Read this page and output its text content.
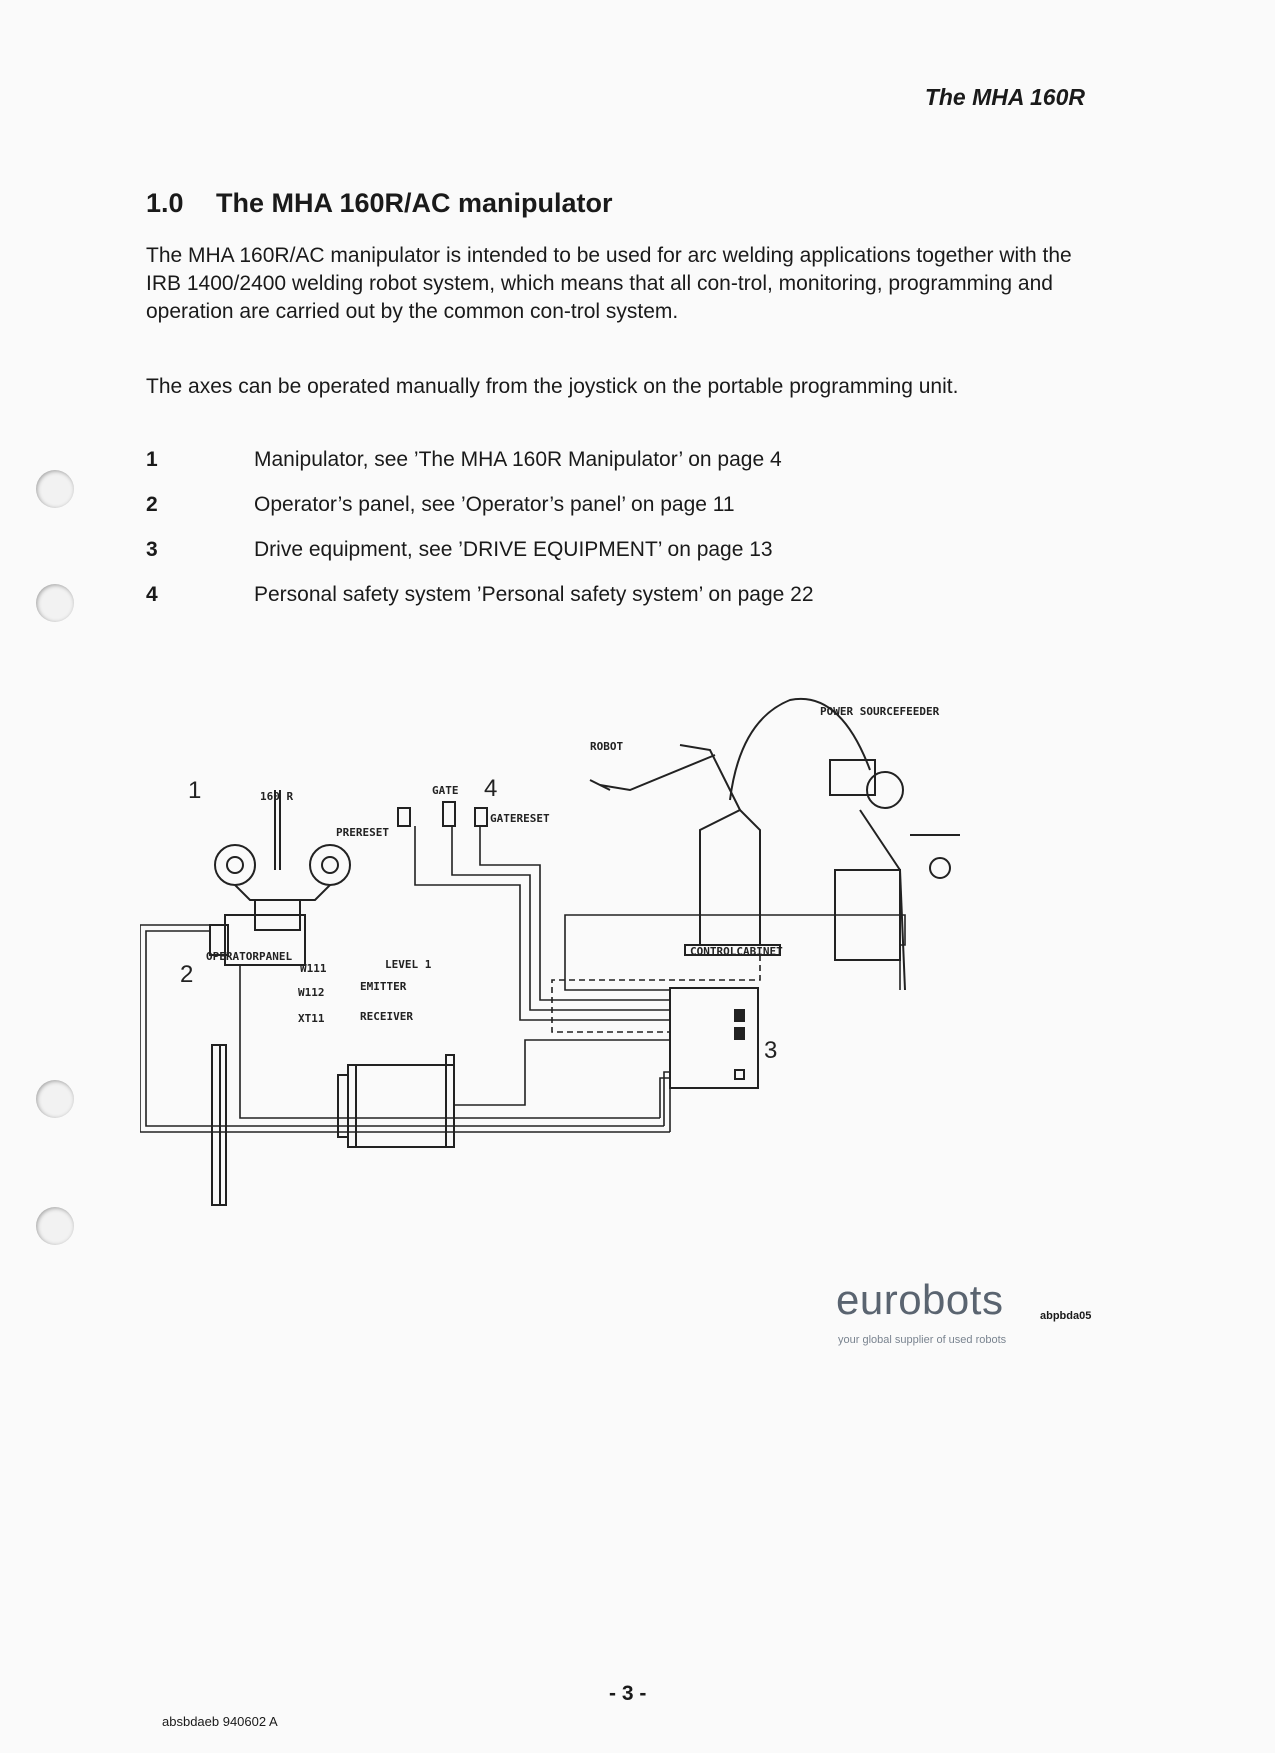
The MHA 160R
1.0 The MHA 160R/AC manipulator

The MHA 160R/AC manipulator is intended to be used for arc welding applications together with the IRB 1400/2400 welding robot system, which means that all con-trol, monitoring, programming and operation are carried out by the common con-trol system.

The axes can be operated manually from the joystick on the portable programming unit.

1	Manipulator, see ’The MHA 160R Manipulator’ on page 4
2	Operator’s panel, see ’Operator’s panel’ on page 11
3	Drive equipment, see ’DRIVE EQUIPMENT’ on page 13
4	Personal safety system ’Personal safety system’ on page 22
POWER SOURCEFEEDER
ROBOT
160 R	GATE
PRERESET
GATERESET
CONTROLCABINET
OPERATORPANEL
LEVEL 1
EMITTER
RECEIVER
W111
W112
XT11
1
2
3
4
eurobots
your global supplier of used robots
abpbda05
- 3 -
absbdaeb 940602 A
